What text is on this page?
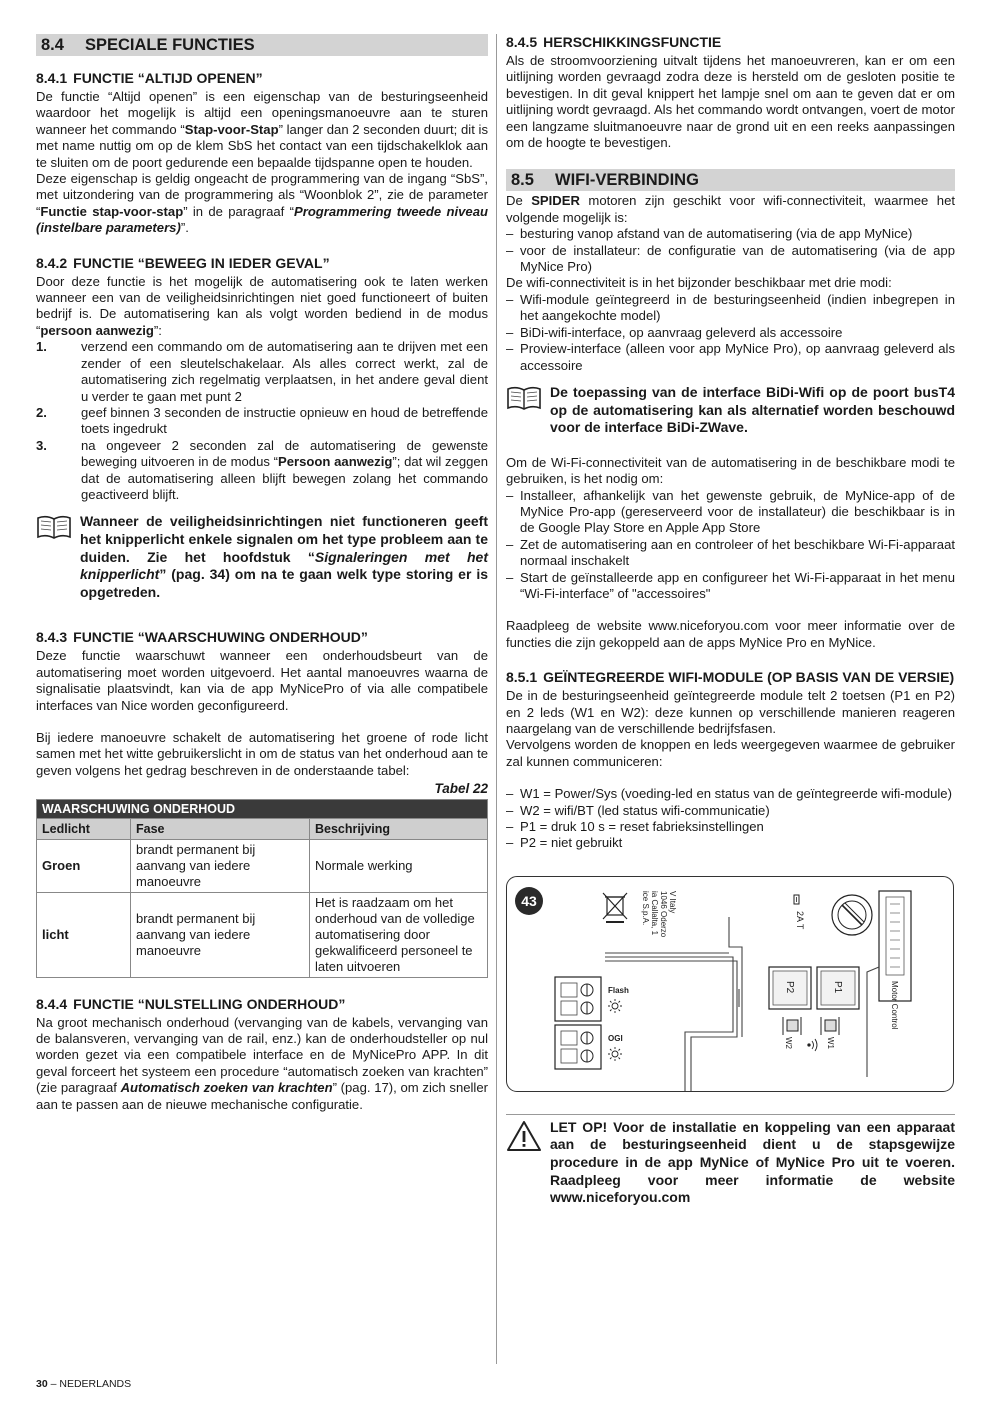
8.4 SPECIALE FUNCTIES
8.4.1 FUNCTIE “ALTIJD OPENEN”

De functie “Altijd openen” is een eigenschap van de besturingseenheid waardoor het mogelijk is altijd een openingsmanoeuvre aan te sturen wanneer het commando “Stap-voor-Stap” langer dan 2 seconden duurt; dit is met name nuttig om op de klem SbS het contact van een tijdschakelklok aan te sluiten om de poort gedurende een bepaalde tijdspanne open te houden.

Deze eigenschap is geldig ongeacht de programmering van de ingang “SbS”, met uitzondering van de programmering als “Woonblok 2”, zie de parameter “Functie stap-voor-stap” in de paragraaf “Programmering tweede niveau (instelbare parameters)”.

8.4.2 FUNCTIE “BEWEEG IN IEDER GEVAL”

Door deze functie is het mogelijk de automatisering ook te laten werken wanneer een van de veiligheidsinrichtingen niet goed functioneert of buiten bedrijf is. De automatisering kan als volgt worden bediend in de modus “persoon aanwezig”:

1.	verzend een commando om de automatisering aan te drijven met een zender of een sleutelschakelaar. Als alles correct werkt, zal de automatisering zich regelmatig verplaatsen, in het andere geval dient u verder te gaan met punt 2
2.	geef binnen 3 seconden de instructie opnieuw en houd de betreffende toets ingedrukt
3.	na ongeveer 2 seconden zal de automatisering de gewenste beweging uitvoeren in de modus “Persoon aanwezig”; dat wil zeggen dat de automatisering alleen blijft bewegen zolang het commando geactiveerd blijft.
Wanneer de veiligheidsinrichtingen niet functioneren geeft het knipperlicht enkele signalen om het type probleem aan te duiden. Zie het hoofdstuk “Signaleringen met het knipperlicht” (pag. 34) om na te gaan welk type storing er is opgetreden.
8.4.3 FUNCTIE “WAARSCHUWING ONDERHOUD”

Deze functie waarschuwt wanneer een onderhoudsbeurt van de automatisering moet worden uitgevoerd. Het aantal manoeuvres waarna de signalisatie plaatsvindt, kan via de app MyNicePro of via alle compatibele interfaces van Nice worden geconfigureerd.

Bij iedere manoeuvre schakelt de automatisering het groene of rode licht samen met het witte gebruikerslicht in om de status van het onderhoud aan te geven volgens het gedrag beschreven in de onderstaande tabel:

Tabel 22
WAARSCHUWING ONDERHOUD		
Ledlicht	Fase	Beschrijving
Groen	brandt permanent bij aanvang van iedere manoeuvre	Normale werking
licht	brandt permanent bij aanvang van iedere manoeuvre	Het is raadzaam om het onderhoud van de volledige automatisering door gekwalificeerd personeel te laten uitvoeren
8.4.4 FUNCTIE “NULSTELLING ONDERHOUD”

Na groot mechanisch onderhoud (vervanging van de kabels, vervanging van de balansveren, vervanging van de rail, enz.) kan de onderhoudsteller op nul worden gezet via een compatibele interface en de MyNicePro APP. In dit geval forceert het systeem een procedure “automatisch zoeken van krachten” (zie paragraaf Automatisch zoeken van krachten” (pag. 17), om zich sneller aan te passen aan de nieuwe mechanische configuratie.

8.4.5 HERSCHIKKINGSFUNCTIE

Als de stroomvoorziening uitvalt tijdens het manoeuvreren, kan er om een uitlijning worden gevraagd zodra deze is hersteld om de gesloten positie te bevestigen. In dit geval knippert het lampje snel om aan te geven dat er om uitlijning wordt gevraagd. Als het commando wordt ontvangen, voert de motor een langzame sluitmanoeuvre naar de grond uit en een reeks aanpassingen om de hoogte te bevestigen.

8.5 WIFI-VERBINDING

De SPIDER motoren zijn geschikt voor wifi-connectiviteit, waarmee het volgende mogelijk is:

– besturing vanop afstand van de automatisering (via de app MyNice)
– voor de installateur: de configuratie van de automatisering (via de app MyNice Pro)

De wifi-connectiviteit is in het bijzonder beschikbaar met drie modi:

– Wifi-module geïntegreerd in de besturingseenheid (indien inbegrepen in het aangekochte model)
– BiDi-wifi-interface, op aanvraag geleverd als accessoire
– Proview-interface (alleen voor app MyNice Pro), op aanvraag geleverd als accessoire
De toepassing van de interface BiDi-Wifi op de poort busT4 op de automatisering kan als alternatief worden beschouwd voor de interface BiDi-ZWave.

Om de Wi-Fi-connectiviteit van de automatisering in de beschikbare modi te gebruiken, is het nodig om:

– Installeer, afhankelijk van het gewenste gebruik, de MyNice-app of de MyNice Pro-app (gereserveerd voor de installateur) die beschikbaar is in de Google Play Store en Apple App Store
– Zet de automatisering aan en controleer of het beschikbare Wi-Fi-apparaat normaal inschakelt
– Start de geïnstalleerde app en configureer het Wi-Fi-apparaat in het menu “Wi-Fi-interface” of "accessoires"

Raadpleeg de website www.niceforyou.com voor meer informatie over de functies die zijn gekoppeld aan de apps MyNice Pro en MyNice.

8.5.1 GEÏNTEGREERDE WIFI-MODULE (OP BASIS VAN DE VERSIE)

De in de besturingseenheid geïntegreerde module telt 2 toetsen (P1 en P2) en 2 leds (W1 en W2): deze kunnen op verschillende manieren reageren naargelang van de verschillende bedrijfsfasen.

Vervolgens worden de knoppen en leds weergegeven waarmee de gebruiker zal kunnen communiceren:

– W1 = Power/Sys (voeding-led en status van de geïntegreerde wifi-module)
– W2 = wifi/BT (led status wifi-communicatie)
– P1 = druk 10 s = reset fabrieksinstellingen
– P2 = niet gebruikt
43	ice S.p.A. ia Callalta, 1 1046 Oderzo V Italy
2A T
Motor Control
P2	P1
W2	W1
Flash
OGI
LET OP! Voor de installatie en koppeling van een apparaat aan de besturingseenheid dient u de stapsgewijze procedure in de app MyNice of MyNice Pro uit te voeren. Raadpleeg voor meer informatie de website www.niceforyou.com
30 – NEDERLANDS
